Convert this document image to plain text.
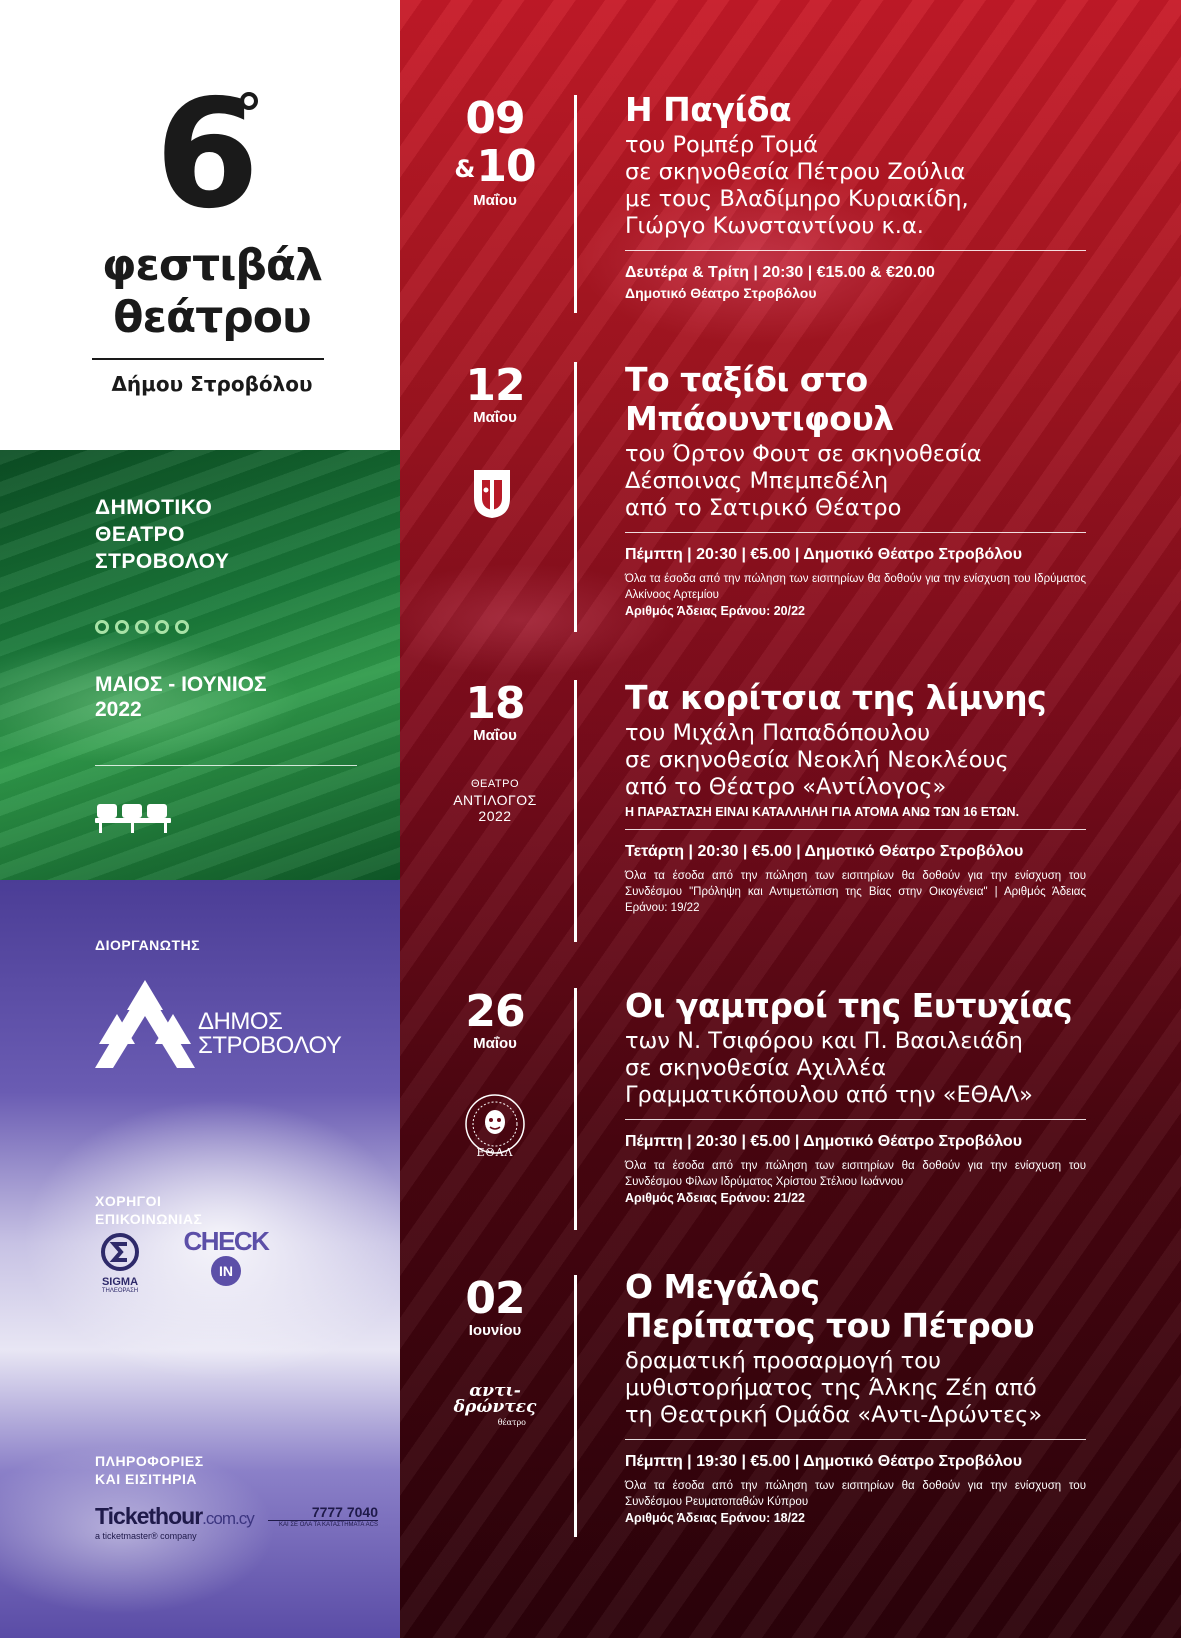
6
φεστιβάλ
θεάτρου
Δήμου Στροβόλου
ΔΗΜΟΤΙΚΟ
ΘΕΑΤΡΟ
ΣΤΡΟΒΟΛΟΥ
ΜΑΙΟΣ - ΙΟΥΝΙΟΣ
2022
ΔΙΟΡΓΑΝΩΤΗΣ
ΔΗΜΟΣ
ΣΤΡΟΒΟΛΟΥ
ΧΟΡΗΓΟΙ
ΕΠΙΚΟΙΝΩΝΙΑΣ
SIGMA
ΤΗΛΕΟΡΑΣΗ
CHECK
IN
ΠΛΗΡΟΦΟΡΙΕΣ
ΚΑΙ ΕΙΣΙΤΗΡΙΑ
Tickethour.com.cy
a ticketmaster® company
7777 7040
ΚΑΙ ΣΕ ΟΛΑ ΤΑ ΚΑΤΑΣΤΗΜΑΤΑ ACS
09
&10
Μαΐου
Η Παγίδα
του Ρομπέρ Τομά
σε σκηνοθεσία Πέτρου Ζούλια
με τους Βλαδίμηρο Κυριακίδη,
Γιώργο Κωνσταντίνου κ.α.
Δευτέρα & Τρίτη | 20:30 | €15.00 & €20.00
Δημοτικό Θέατρο Στροβόλου
12
Μαΐου
Το ταξίδι στο
Μπάουντιφουλ
του Όρτον Φουτ σε σκηνοθεσία
Δέσποινας Μπεμπεδέλη
από το Σατιρικό Θέατρο
Πέμπτη | 20:30 | €5.00 | Δημοτικό Θέατρο Στροβόλου
Όλα τα έσοδα από την πώληση των εισιτηρίων θα δοθούν για την ενίσχυση του Ιδρύματος Αλκίνοος Αρτεμίου
Αριθμός Άδειας Εράνου: 20/22
18
Μαΐου
ΘΕΑΤΡΟ
ΑΝΤΙΛΟΓΟΣ
2022
Τα κορίτσια της λίμνης
του Μιχάλη Παπαδόπουλου
σε σκηνοθεσία Νεοκλή Νεοκλέους
από το Θέατρο «Αντίλογος»
Η ΠΑΡΑΣΤΑΣΗ ΕΙΝΑΙ ΚΑΤΑΛΛΗΛΗ ΓΙΑ ΑΤΟΜΑ ΑΝΩ ΤΩΝ 16 ΕΤΩΝ.
Τετάρτη | 20:30 | €5.00 | Δημοτικό Θέατρο Στροβόλου
Όλα τα έσοδα από την πώληση των εισιτηρίων θα δοθούν για την ενίσχυση του Συνδέσμου "Πρόληψη και Αντιμετώπιση της Βίας στην Οικογένεια" | Αριθμός Άδειας Εράνου: 19/22
26
Μαΐου
ΕΘΑΛ
Οι γαμπροί της Ευτυχίας
των Ν. Τσιφόρου και Π. Βασιλειάδη
σε σκηνοθεσία Αχιλλέα
Γραμματικόπουλου από την «ΕΘΑΛ»
Πέμπτη | 20:30 | €5.00 | Δημοτικό Θέατρο Στροβόλου
Όλα τα έσοδα από την πώληση των εισιτηρίων θα δοθούν για την ενίσχυση του Συνδέσμου Φίλων Ιδρύματος Χρίστου Στέλιου Ιωάννου
Αριθμός Άδειας Εράνου: 21/22
02
Ιουνίου
αντι-
δρώντες
θέατρο
Ο Μεγάλος
Περίπατος του Πέτρου
δραματική προσαρμογή του
μυθιστορήματος της Άλκης Ζέη από
τη Θεατρική Ομάδα «Αντι-Δρώντες»
Πέμπτη | 19:30 | €5.00 | Δημοτικό Θέατρο Στροβόλου
Όλα τα έσοδα από την πώληση των εισιτηρίων θα δοθούν για την ενίσχυση του Συνδέσμου Ρευματοπαθών Κύπρου
Αριθμός Άδειας Εράνου: 18/22
